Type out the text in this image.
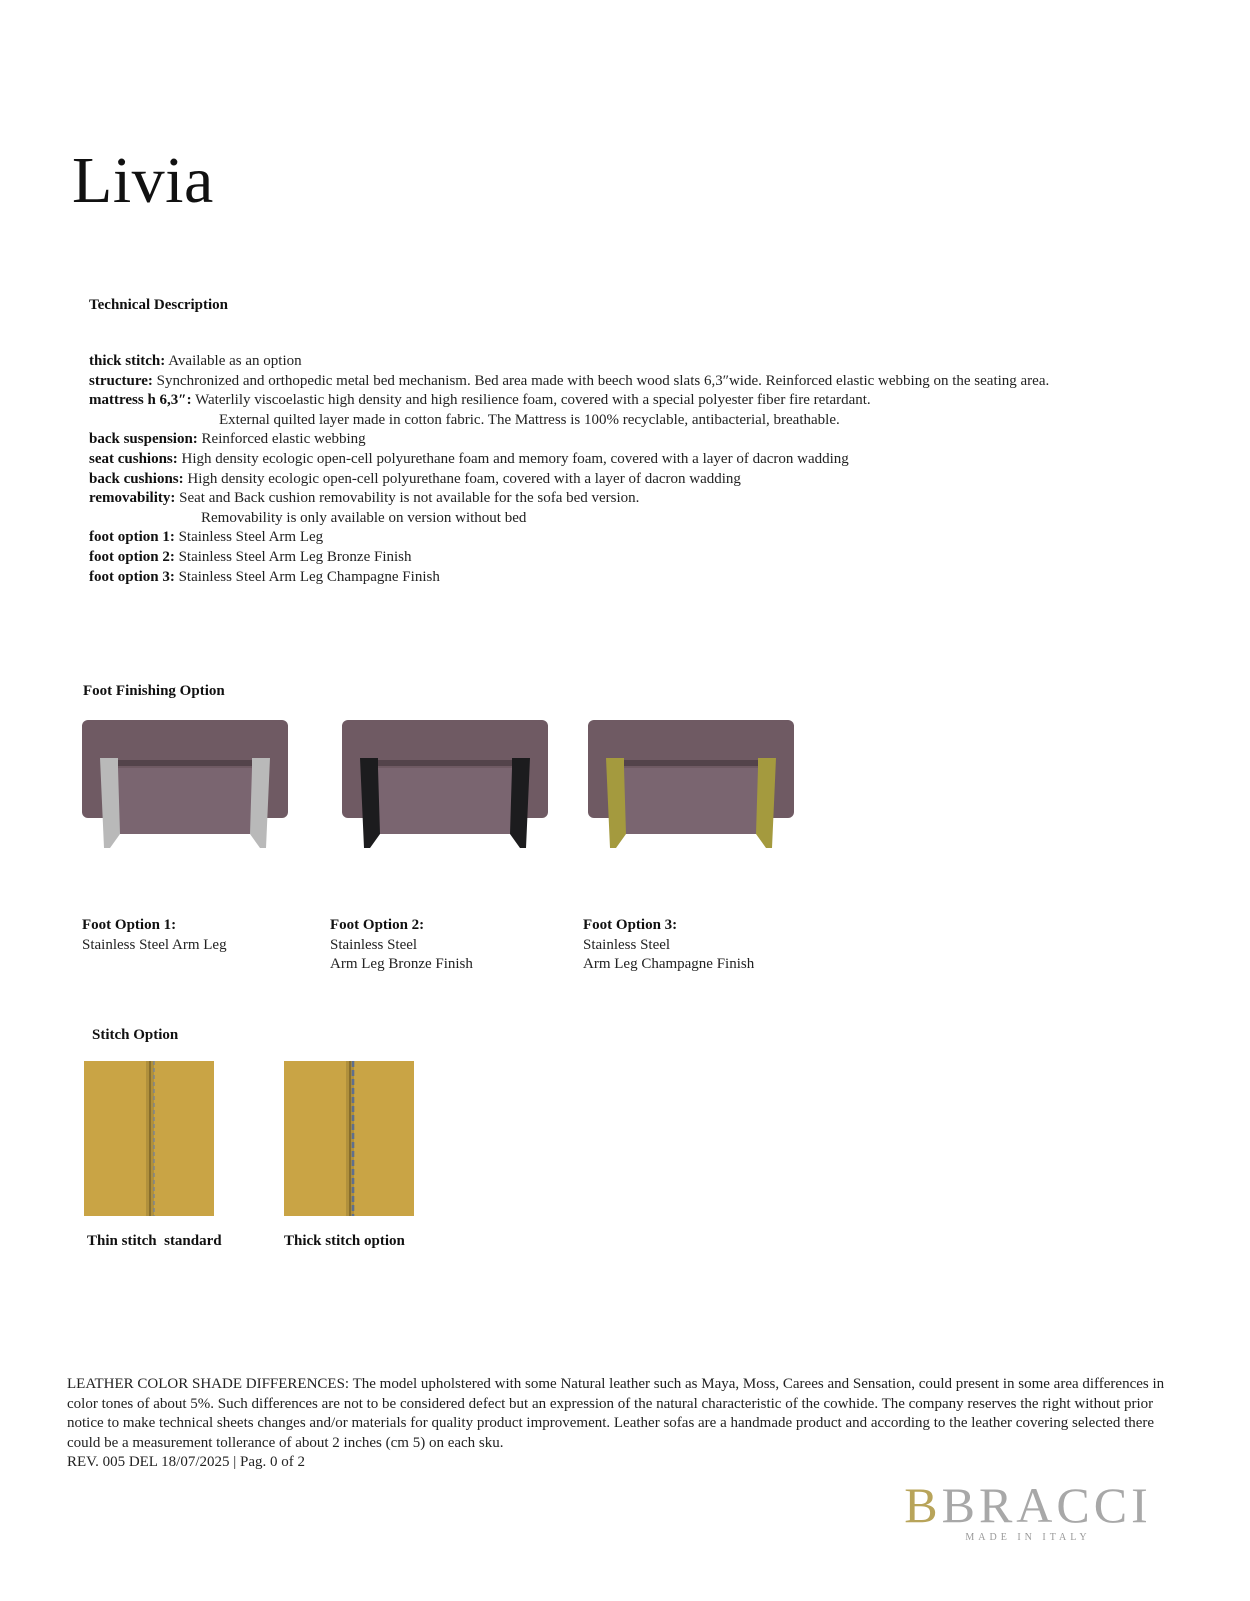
Livia
Technical Description
thick stitch: Available as an option
structure: Synchronized and orthopedic metal bed mechanism. Bed area made with beech wood slats 6,3″wide. Reinforced elastic webbing on the seating area.
mattress h 6,3″: Waterlily viscoelastic high density and high resilience foam, covered with a special polyester fiber fire retardant.
External quilted layer made in cotton fabric. The Mattress is 100% recyclable, antibacterial, breathable.
back suspension: Reinforced elastic webbing
seat cushions: High density ecologic open-cell polyurethane foam and memory foam, covered with a layer of dacron wadding
back cushions: High density ecologic open-cell polyurethane foam, covered with a layer of dacron wadding
removability: Seat and Back cushion removability is not available for the sofa bed version.
Removability is only available on version without bed
foot option 1: Stainless Steel Arm Leg
foot option 2: Stainless Steel Arm Leg Bronze Finish
foot option 3: Stainless Steel Arm Leg Champagne Finish
Foot Finishing Option
Foot Option 1:
Stainless Steel Arm Leg
Foot Option 2:
Stainless Steel
Arm Leg Bronze Finish
Foot Option 3:
Stainless Steel
Arm Leg Champagne Finish
Stitch Option
Thin stitch  standard	Thick stitch option
LEATHER COLOR SHADE DIFFERENCES: The model upholstered with some Natural leather such as Maya, Moss, Carees and Sensation, could present in some area differences in color tones of about 5%. Such differences are not to be considered defect but an expression of the natural characteristic of the cowhide. The company reserves the right without prior notice to make technical sheets changes and/or materials for quality product improvement. Leather sofas are a handmade product and according to the leather covering selected there could be a measurement tollerance of about 2 inches (cm 5) on each sku.
REV. 005 DEL 18/07/2025 | Pag. 0 of 2
BBRACCI
MADE IN ITALY
